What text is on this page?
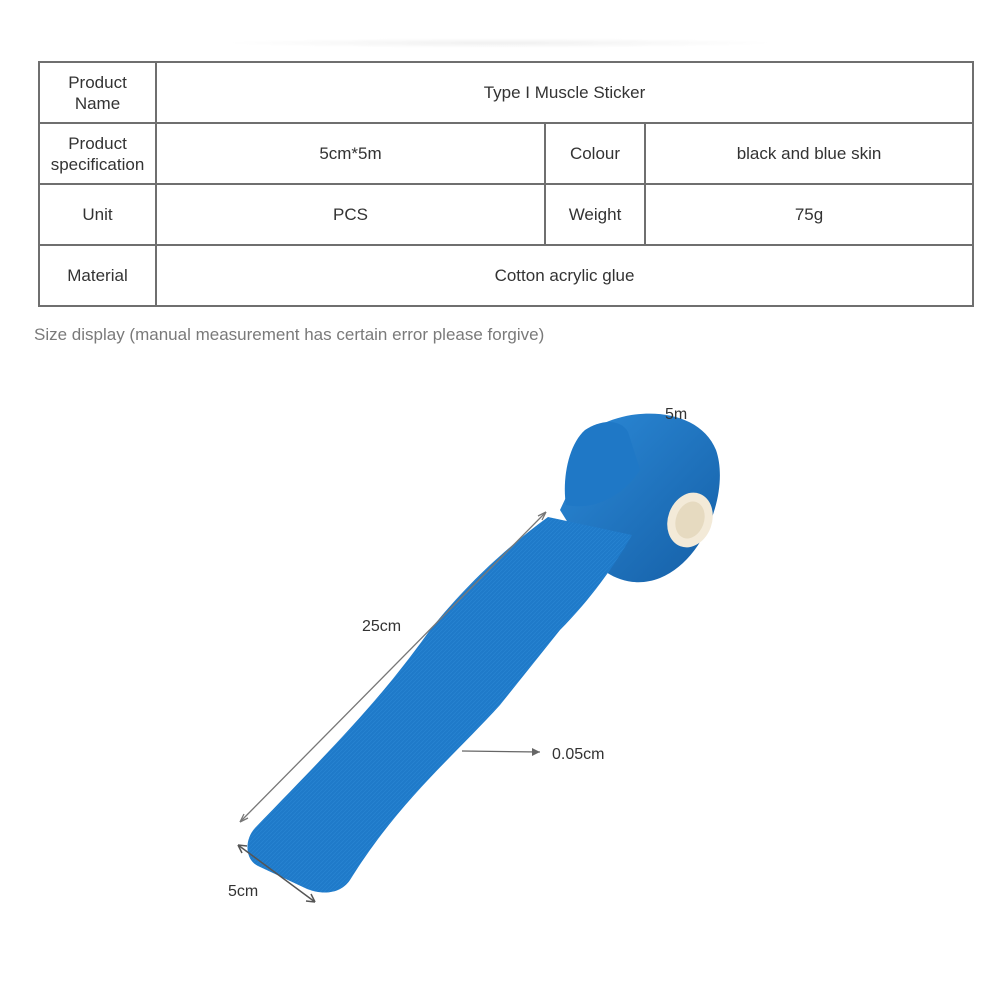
Product
Name	Type I Muscle Sticker		
Product
specification	5cm*5m	Colour	black and blue skin
Unit	PCS	Weight	75g
Material	Cotton acrylic glue		
Size display (manual measurement has certain error please forgive)
5m
25cm
0.05cm
5cm
